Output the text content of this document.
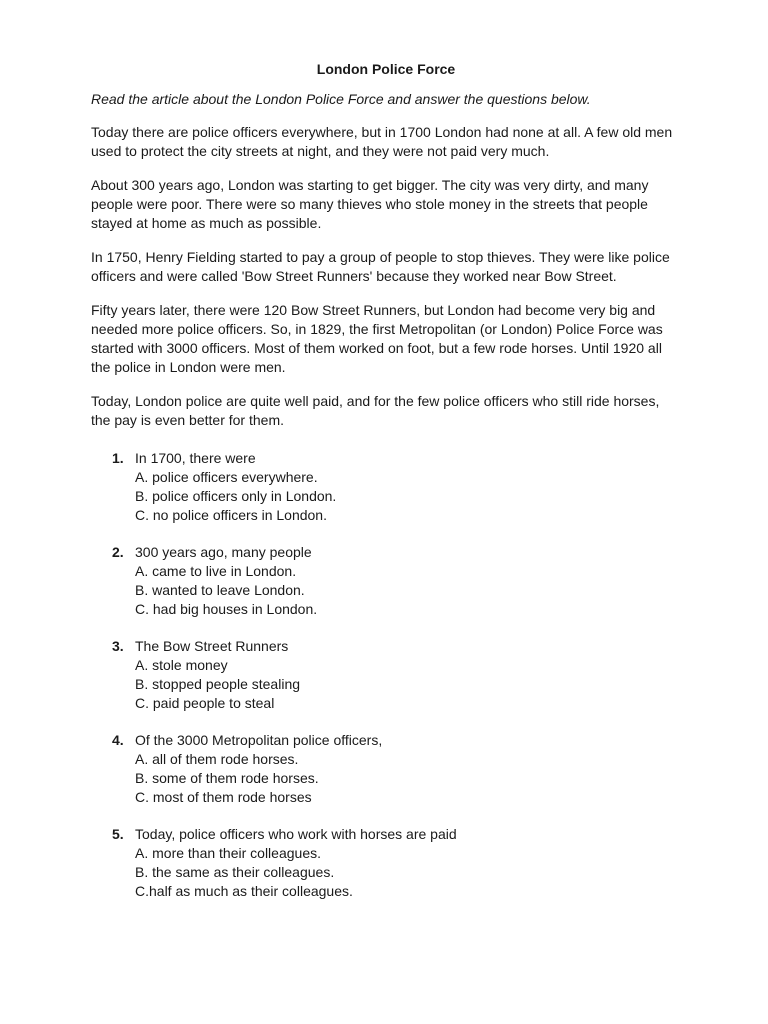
London Police Force
Read the article about the London Police Force and answer the questions below.

Today there are police officers everywhere, but in 1700 London had none at all. A few old men used to protect the city streets at night, and they were not paid very much.

About 300 years ago, London was starting to get bigger. The city was very dirty, and many people were poor. There were so many thieves who stole money in the streets that people stayed at home as much as possible.

In 1750, Henry Fielding started to pay a group of people to stop thieves. They were like police officers and were called 'Bow Street Runners' because they worked near Bow Street.

Fifty years later, there were 120 Bow Street Runners, but London had become very big and needed more police officers. So, in 1829, the first Metropolitan (or London) Police Force was started with 3000 officers. Most of them worked on foot, but a few rode horses. Until 1920 all the police in London were men.

Today, London police are quite well paid, and for the few police officers who still ride horses, the pay is even better for them.

1. In 1700, there were
A. police officers everywhere.
B. police officers only in London.
C. no police officers in London.
2. 300 years ago, many people
A. came to live in London.
B. wanted to leave London.
C. had big houses in London.
3. The Bow Street Runners
A. stole money
B. stopped people stealing
C. paid people to steal
4. Of the 3000 Metropolitan police officers,
A. all of them rode horses.
B. some of them rode horses.
C. most of them rode horses
5. Today, police officers who work with horses are paid
A. more than their colleagues.
B. the same as their colleagues.
C.half as much as their colleagues.
